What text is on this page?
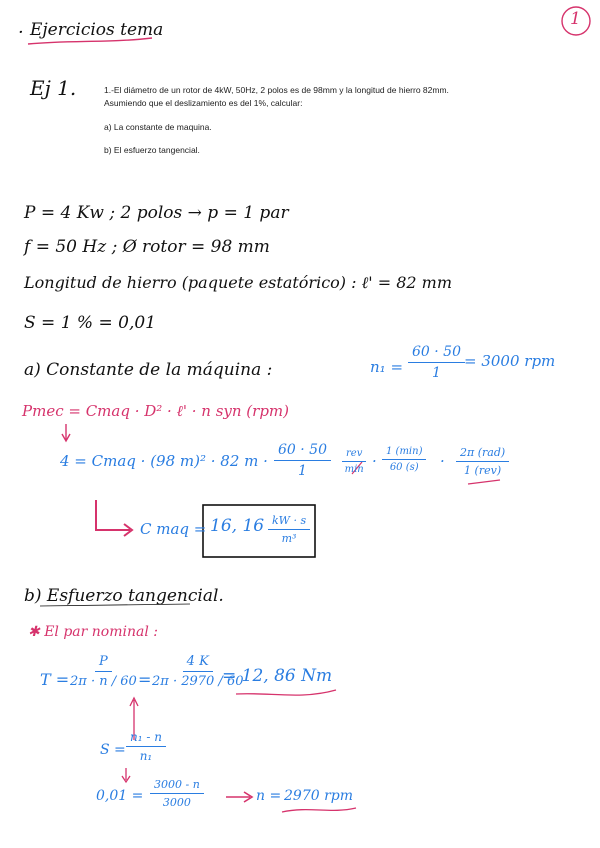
· Ejercicios tema
1
Ej 1.	1.-El diámetro de un rotor de 4kW, 50Hz, 2 polos es de 98mm y la longitud de hierro 82mm.
Asumiendo que el deslizamiento es del 1%, calcular:
a) La constante de maquina.
b) El esfuerzo tangencial.
P = 4 Kw ; 2 polos → p = 1 par
f = 50 Hz ; Ø rotor = 98 mm
Longitud de hierro (paquete estatórico) : ℓ' = 82 mm
S = 1 % = 0,01
a) Constante de la máquina :	$n_1 = \frac{60 \cdot 50}{1} = 3000$ rpm
Pmec = Cmaq · D² · ℓ' · n syn (rpm)
4 = Cmaq · (98 m)² · 82 $m \cdot \frac{60 \cdot 50}{1}$	rev
min ·
1 (min)
60 (s) ·	2π (rad)
1 (rev)
C maq = 16, $16 \frac{kW \cdot s}{\text{m³}}$
b) Esfuerzo tangencial.
✱ El par nominal :
$T = \frac{P}{2\pi \cdot n / 60} = \frac{4 K}{2\pi \cdot 2970 / 60}$
= 12, 86 Nm
$S = \frac{\text{n₁ - n}}{\text{n₁}}$
$0,01 = \frac{3000 - n}{3000}$	n = 2970 rpm
